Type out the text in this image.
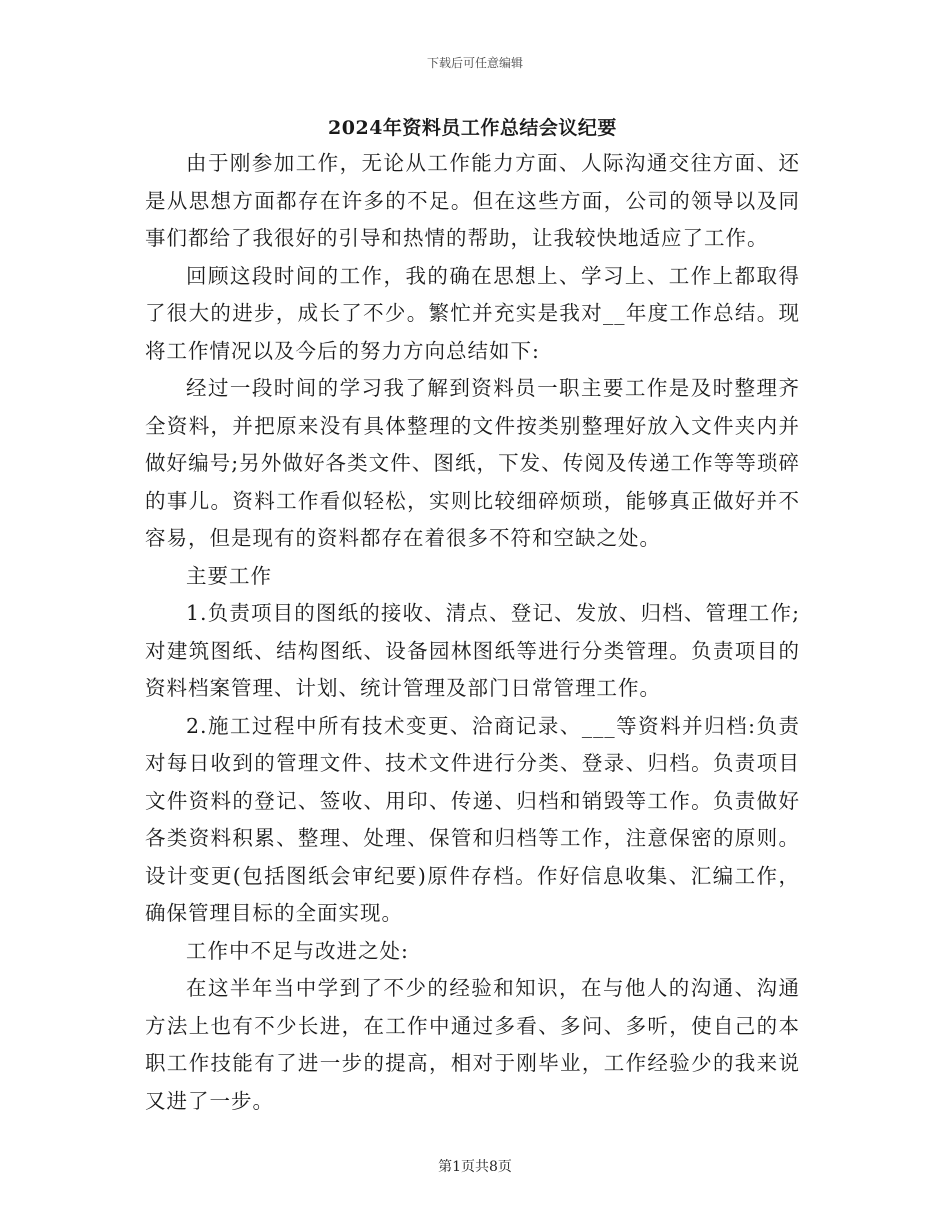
下载后可任意编辑
2024年资料员工作总结会议纪要

由于刚参加工作，无论从工作能力方面、人际沟通交往方面、还是从思想方面都存在许多的不足。但在这些方面，公司的领导以及同事们都给了我很好的引导和热情的帮助，让我较快地适应了工作。

回顾这段时间的工作，我的确在思想上、学习上、工作上都取得了很大的进步，成长了不少。繁忙并充实是我对__年度工作总结。现将工作情况以及今后的努力方向总结如下:

经过一段时间的学习我了解到资料员一职主要工作是及时整理齐全资料，并把原来没有具体整理的文件按类别整理好放入文件夹内并做好编号;另外做好各类文件、图纸，下发、传阅及传递工作等等琐碎的事儿。资料工作看似轻松，实则比较细碎烦琐，能够真正做好并不容易，但是现有的资料都存在着很多不符和空缺之处。

主要工作

1.负责项目的图纸的接收、清点、登记、发放、归档、管理工作;对建筑图纸、结构图纸、设备园林图纸等进行分类管理。负责项目的资料档案管理、计划、统计管理及部门日常管理工作。

2.施工过程中所有技术变更、洽商记录、___等资料并归档:负责对每日收到的管理文件、技术文件进行分类、登录、归档。负责项目文件资料的登记、签收、用印、传递、归档和销毁等工作。负责做好各类资料积累、整理、处理、保管和归档等工作，注意保密的原则。设计变更(包括图纸会审纪要)原件存档。作好信息收集、汇编工作，确保管理目标的全面实现。

工作中不足与改进之处:

在这半年当中学到了不少的经验和知识，在与他人的沟通、沟通方法上也有不少长进，在工作中通过多看、多问、多听，使自己的本职工作技能有了进一步的提高，相对于刚毕业，工作经验少的我来说又进了一步。

第1页共8页
